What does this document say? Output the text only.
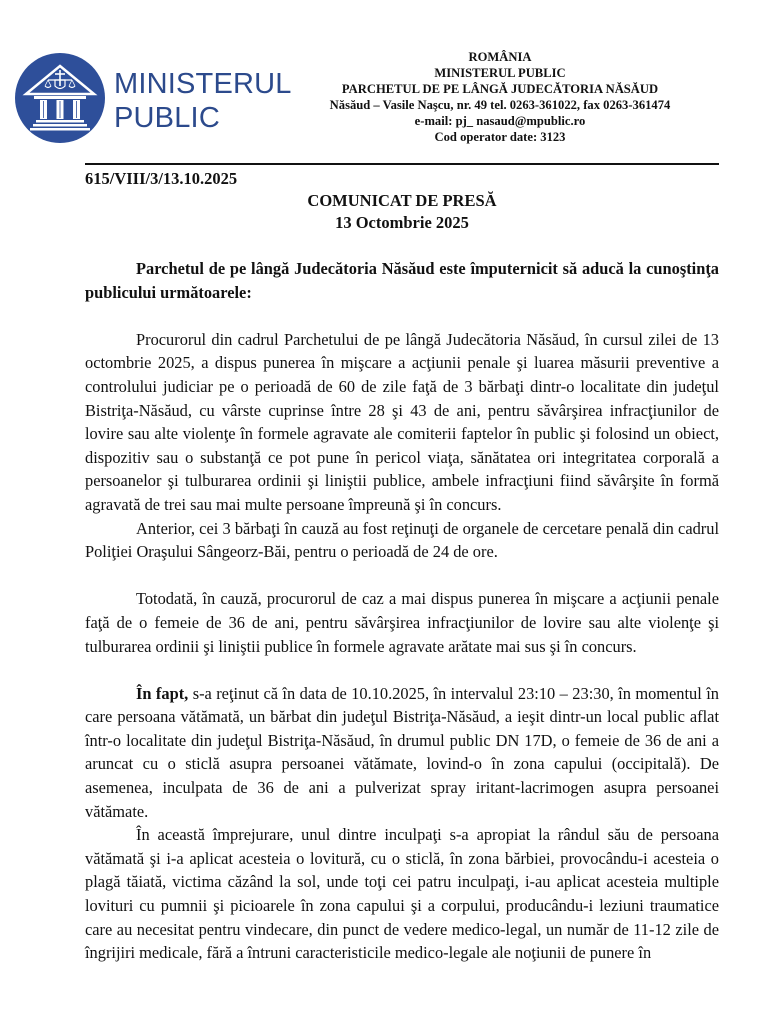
MINISTERUL
PUBLIC
ROMÂNIA
MINISTERUL PUBLIC
PARCHETUL DE PE LÂNGĂ JUDECĂTORIA NĂSĂUD
Năsăud – Vasile Naşcu, nr. 49 tel. 0263-361022, fax 0263-361474
e-mail: pj_ nasaud@mpublic.ro
Cod operator date: 3123
615/VIII/3/13.10.2025
COMUNICAT DE PRESĂ
13 Octombrie 2025

Parchetul de pe lângă Judecătoria Năsăud este împuternicit să aducă la cunoştinţa publicului următoarele:

Procurorul din cadrul Parchetului de pe lângă Judecătoria Năsăud, în cursul zilei de 13 octombrie 2025, a dispus punerea în mişcare a acţiunii penale şi luarea măsurii preventive a controlului judiciar pe o perioadă de 60 de zile faţă de 3 bărbaţi dintr-o localitate din judeţul Bistriţa-Năsăud, cu vârste cuprinse între 28 şi 43 de ani, pentru săvârşirea infracţiunilor de lovire sau alte violenţe în formele agravate ale comiterii faptelor în public şi folosind un obiect, dispozitiv sau o substanţă ce pot pune în pericol viaţa, sănătatea ori integritatea corporală a persoanelor şi tulburarea ordinii şi liniştii publice, ambele infracţiuni fiind săvârşite în formă agravată de trei sau mai multe persoane împreună şi în concurs.

Anterior, cei 3 bărbaţi în cauză au fost reţinuţi de organele de cercetare penală din cadrul Poliţiei Oraşului Sângeorz-Băi, pentru o perioadă de 24 de ore.

Totodată, în cauză, procurorul de caz a mai dispus punerea în mişcare a acţiunii penale faţă de o femeie de 36 de ani, pentru săvârşirea infracţiunilor de lovire sau alte violenţe şi tulburarea ordinii şi liniştii publice în formele agravate arătate mai sus şi în concurs.

În fapt, s-a reţinut că în data de 10.10.2025, în intervalul 23:10 – 23:30, în momentul în care persoana vătămată, un bărbat din judeţul Bistriţa-Năsăud, a ieşit dintr-un local public aflat într-o localitate din judeţul Bistriţa-Năsăud, în drumul public DN 17D, o femeie de 36 de ani a aruncat cu o sticlă asupra persoanei vătămate, lovind-o în zona capului (occipitală). De asemenea, inculpata de 36 de ani a pulverizat spray iritant-lacrimogen asupra persoanei vătămate.

În această împrejurare, unul dintre inculpaţi s-a apropiat la rândul său de persoana vătămată şi i-a aplicat acesteia o lovitură, cu o sticlă, în zona bărbiei, provocându-i acesteia o plagă tăiată, victima căzând la sol, unde toţi cei patru inculpaţi, i-au aplicat acesteia multiple lovituri cu pumnii şi picioarele în zona capului şi a corpului, producându-i leziuni traumatice care au necesitat pentru vindecare, din punct de vedere medico-legal, un număr de 11-12 zile de îngrijiri medicale, fără a întruni caracteristicile medico-legale ale noţiunii de punere în
